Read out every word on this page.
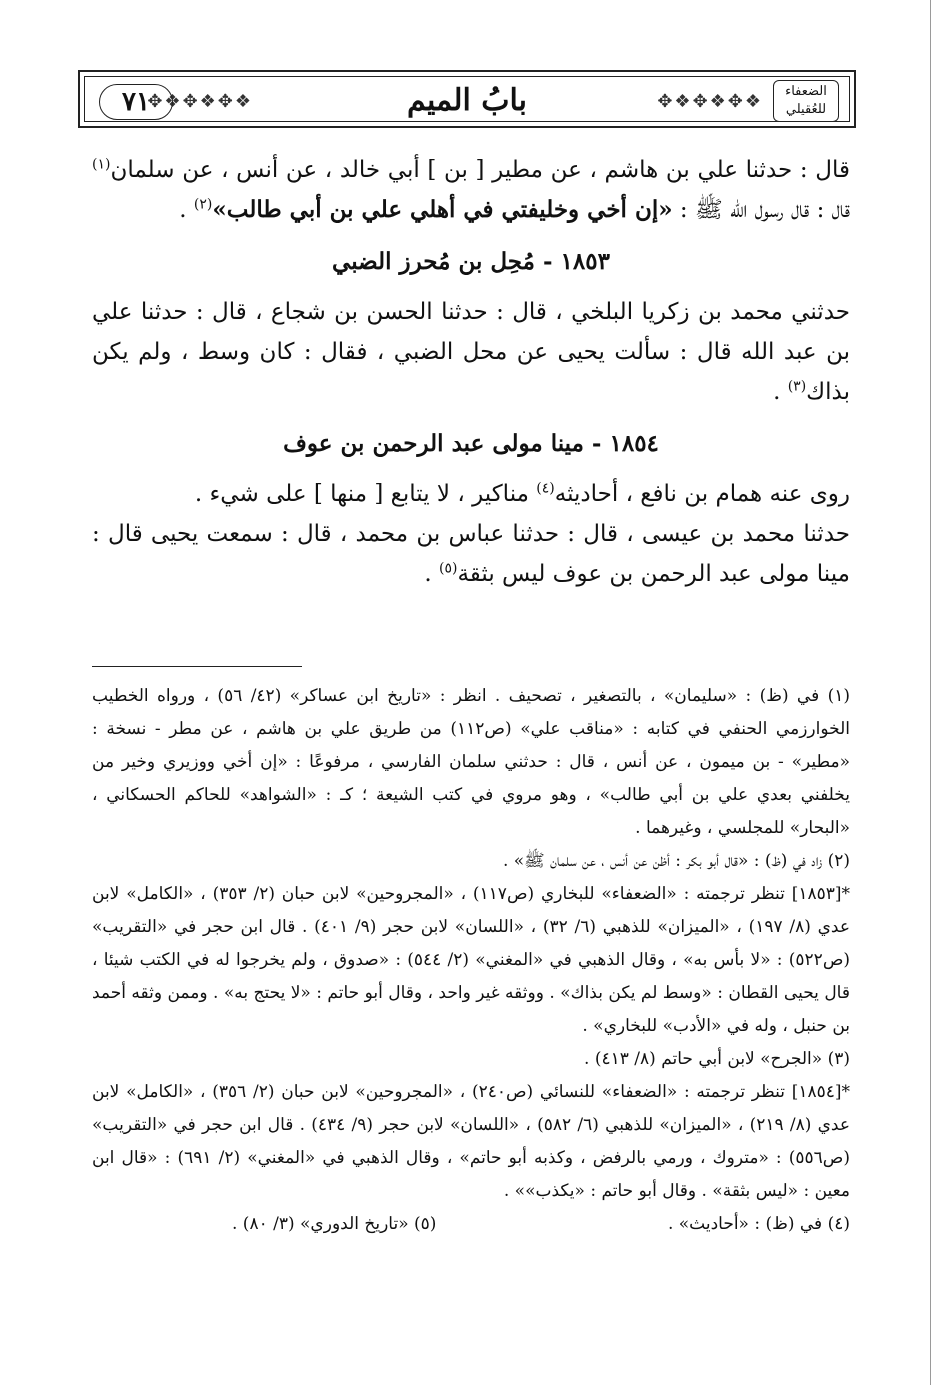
الضعفاء
للعُقيلي
❖✥❖✥❖✥
بابُ الميم
❖✥❖✥❖✥
٧١

قال : حدثنا علي بن هاشم ، عن مطير [ بن ] أبي خالد ، عن أنس ، عن سلمان$^{(١)}$ قال : قال رسول الله ﷺ : «إن أخي وخليفتي في أهلي علي بن أبي طالب»$^{(٢)}$ .

١٨٥٣ - مُحِل بن مُحرز الضبي

حدثني محمد بن زكريا البلخي ، قال : حدثنا الحسن بن شجاع ، قال : حدثنا علي بن عبد الله قال : سألت يحيى عن محل الضبي ، فقال : كان وسط ، ولم يكن بذاك$^{(٣)}$ .

١٨٥٤ - مينا مولى عبد الرحمن بن عوف

روى عنه همام بن نافع ، أحاديثه$^{(٤)}$ مناكير ، لا يتابع [ منها ] على شيء .

حدثنا محمد بن عيسى ، قال : حدثنا عباس بن محمد ، قال : سمعت يحيى قال : مينا مولى عبد الرحمن بن عوف ليس بثقة$^{(٥)}$ .

(١) في (ظ) : «سليمان» ، بالتصغير ، تصحيف . انظر : «تاريخ ابن عساكر» (٤٢/ ٥٦) ، ورواه الخطيب الخوارزمي الحنفي في كتابه : «مناقب علي» (ص١١٢) من طريق علي بن هاشم ، عن مطر - نسخة : «مطير» - بن ميمون ، عن أنس ، قال : حدثني سلمان الفارسي ، مرفوعًا : «إن أخي ووزيري وخير من يخلفني بعدي علي بن أبي طالب» ، وهو مروي في كتب الشيعة ؛ كـ : «الشواهد» للحاكم الحسكاني ، «البحار» للمجلسي ، وغيرهما .

(٢) زاد في (ظ) : «قال أبو بكر : أظن عن أنس ، عن سلمان ﷺ» .

*[١٨٥٣] تنظر ترجمته : «الضعفاء» للبخاري (ص١١٧) ، «المجروحين» لابن حبان (٢/ ٣٥٣) ، «الكامل» لابن عدي (٨/ ١٩٧) ، «الميزان» للذهبي (٦/ ٣٢) ، «اللسان» لابن حجر (٩/ ٤٠١) . قال ابن حجر في «التقريب» (ص٥٢٢) : «لا بأس به» ، وقال الذهبي في «المغني» (٢/ ٥٤٤) : «صدوق ، ولم يخرجوا له في الكتب شيئا ، قال يحيى القطان : «وسط لم يكن بذاك» . ووثقه غير واحد ، وقال أبو حاتم : «لا يحتج به» . وممن وثقه أحمد بن حنبل ، وله في «الأدب» للبخاري» .

(٣) «الجرح» لابن أبي حاتم (٨/ ٤١٣) .

*[١٨٥٤] تنظر ترجمته : «الضعفاء» للنسائي (ص٢٤٠) ، «المجروحين» لابن حبان (٢/ ٣٥٦) ، «الكامل» لابن عدي (٨/ ٢١٩) ، «الميزان» للذهبي (٦/ ٥٨٢) ، «اللسان» لابن حجر (٩/ ٤٣٤) . قال ابن حجر في «التقريب» (ص٥٥٦) : «متروك ، ورمي بالرفض ، وكذبه أبو حاتم» ، وقال الذهبي في «المغني» (٢/ ٦٩١) : «قال ابن معين : «ليس بثقة» . وقال أبو حاتم : «يكذب»» .

(٤) في (ظ) : «أحاديث» .
(٥) «تاريخ الدوري» (٣/ ٨٠) .
